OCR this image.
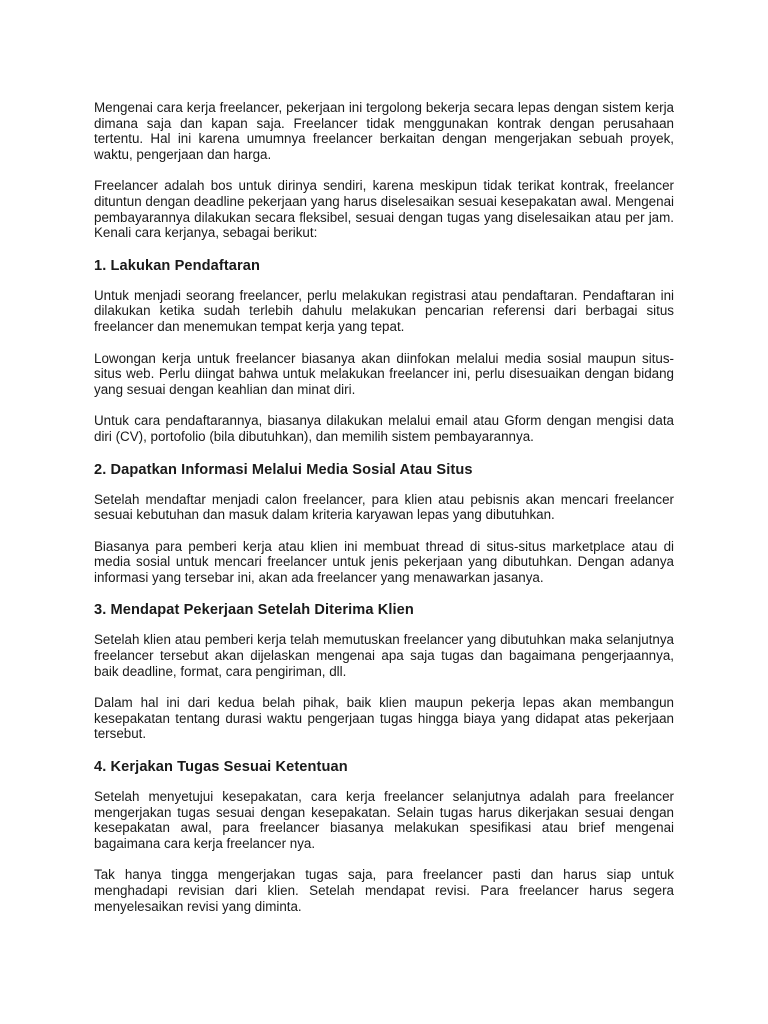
Mengenai cara kerja freelancer, pekerjaan ini tergolong bekerja secara lepas dengan sistem kerja dimana saja dan kapan saja. Freelancer tidak menggunakan kontrak dengan perusahaan tertentu. Hal ini karena umumnya freelancer berkaitan dengan mengerjakan sebuah proyek, waktu, pengerjaan dan harga.

Freelancer adalah bos untuk dirinya sendiri, karena meskipun tidak terikat kontrak, freelancer dituntun dengan deadline pekerjaan yang harus diselesaikan sesuai kesepakatan awal. Mengenai pembayarannya dilakukan secara fleksibel, sesuai dengan tugas yang diselesaikan atau per jam. Kenali cara kerjanya, sebagai berikut:

1. Lakukan Pendaftaran

Untuk menjadi seorang freelancer, perlu melakukan registrasi atau pendaftaran. Pendaftaran ini dilakukan ketika sudah terlebih dahulu melakukan pencarian referensi dari berbagai situs freelancer dan menemukan tempat kerja yang tepat.

Lowongan kerja untuk freelancer biasanya akan diinfokan melalui media sosial maupun situs-situs web. Perlu diingat bahwa untuk melakukan freelancer ini, perlu disesuaikan dengan bidang yang sesuai dengan keahlian dan minat diri.

Untuk cara pendaftarannya, biasanya dilakukan melalui email atau Gform dengan mengisi data diri (CV), portofolio (bila dibutuhkan), dan memilih sistem pembayarannya.

2. Dapatkan Informasi Melalui Media Sosial Atau Situs

Setelah mendaftar menjadi calon freelancer, para klien atau pebisnis akan mencari freelancer sesuai kebutuhan dan masuk dalam kriteria karyawan lepas yang dibutuhkan.

Biasanya para pemberi kerja atau klien ini membuat thread di situs-situs marketplace atau di media sosial untuk mencari freelancer untuk jenis pekerjaan yang dibutuhkan. Dengan adanya informasi yang tersebar ini, akan ada freelancer yang menawarkan jasanya.

3. Mendapat Pekerjaan Setelah Diterima Klien

Setelah klien atau pemberi kerja telah memutuskan freelancer yang dibutuhkan maka selanjutnya freelancer tersebut akan dijelaskan mengenai apa saja tugas dan bagaimana pengerjaannya, baik deadline, format, cara pengiriman, dll.

Dalam hal ini dari kedua belah pihak, baik klien maupun pekerja lepas akan membangun kesepakatan tentang durasi waktu pengerjaan tugas hingga biaya yang didapat atas pekerjaan tersebut.

4. Kerjakan Tugas Sesuai Ketentuan

Setelah menyetujui kesepakatan, cara kerja freelancer selanjutnya adalah para freelancer mengerjakan tugas sesuai dengan kesepakatan. Selain tugas harus dikerjakan sesuai dengan kesepakatan awal, para freelancer biasanya melakukan spesifikasi atau brief mengenai bagaimana cara kerja freelancer nya.

Tak hanya tingga mengerjakan tugas saja, para freelancer pasti dan harus siap untuk menghadapi revisian dari klien. Setelah mendapat revisi. Para freelancer harus segera menyelesaikan revisi yang diminta.
